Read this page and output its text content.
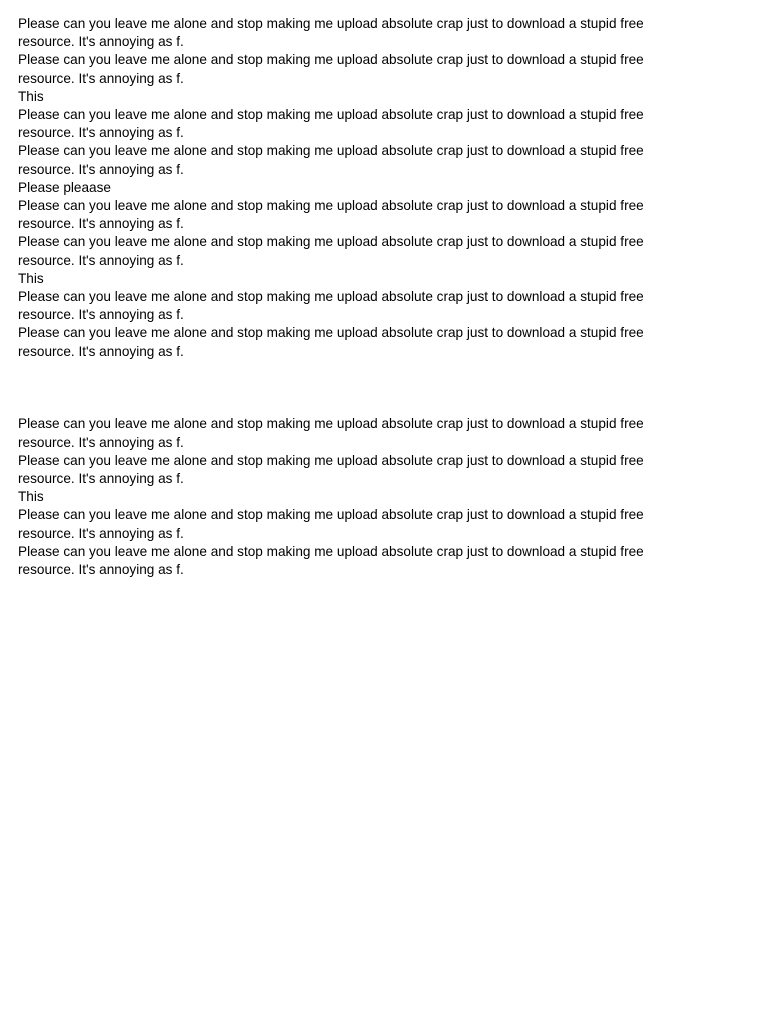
Please can you leave me alone and stop making me upload absolute crap just to download a stupid free resource. It's annoying as f.

Please can you leave me alone and stop making me upload absolute crap just to download a stupid free resource. It's annoying as f.

This

Please can you leave me alone and stop making me upload absolute crap just to download a stupid free resource. It's annoying as f.

Please can you leave me alone and stop making me upload absolute crap just to download a stupid free resource. It's annoying as f.

Please pleaase

Please can you leave me alone and stop making me upload absolute crap just to download a stupid free resource. It's annoying as f.

Please can you leave me alone and stop making me upload absolute crap just to download a stupid free resource. It's annoying as f.

This

Please can you leave me alone and stop making me upload absolute crap just to download a stupid free resource. It's annoying as f.

Please can you leave me alone and stop making me upload absolute crap just to download a stupid free resource. It's annoying as f.

Please can you leave me alone and stop making me upload absolute crap just to download a stupid free resource. It's annoying as f.

Please can you leave me alone and stop making me upload absolute crap just to download a stupid free resource. It's annoying as f.

This

Please can you leave me alone and stop making me upload absolute crap just to download a stupid free resource. It's annoying as f.

Please can you leave me alone and stop making me upload absolute crap just to download a stupid free resource. It's annoying as f.
